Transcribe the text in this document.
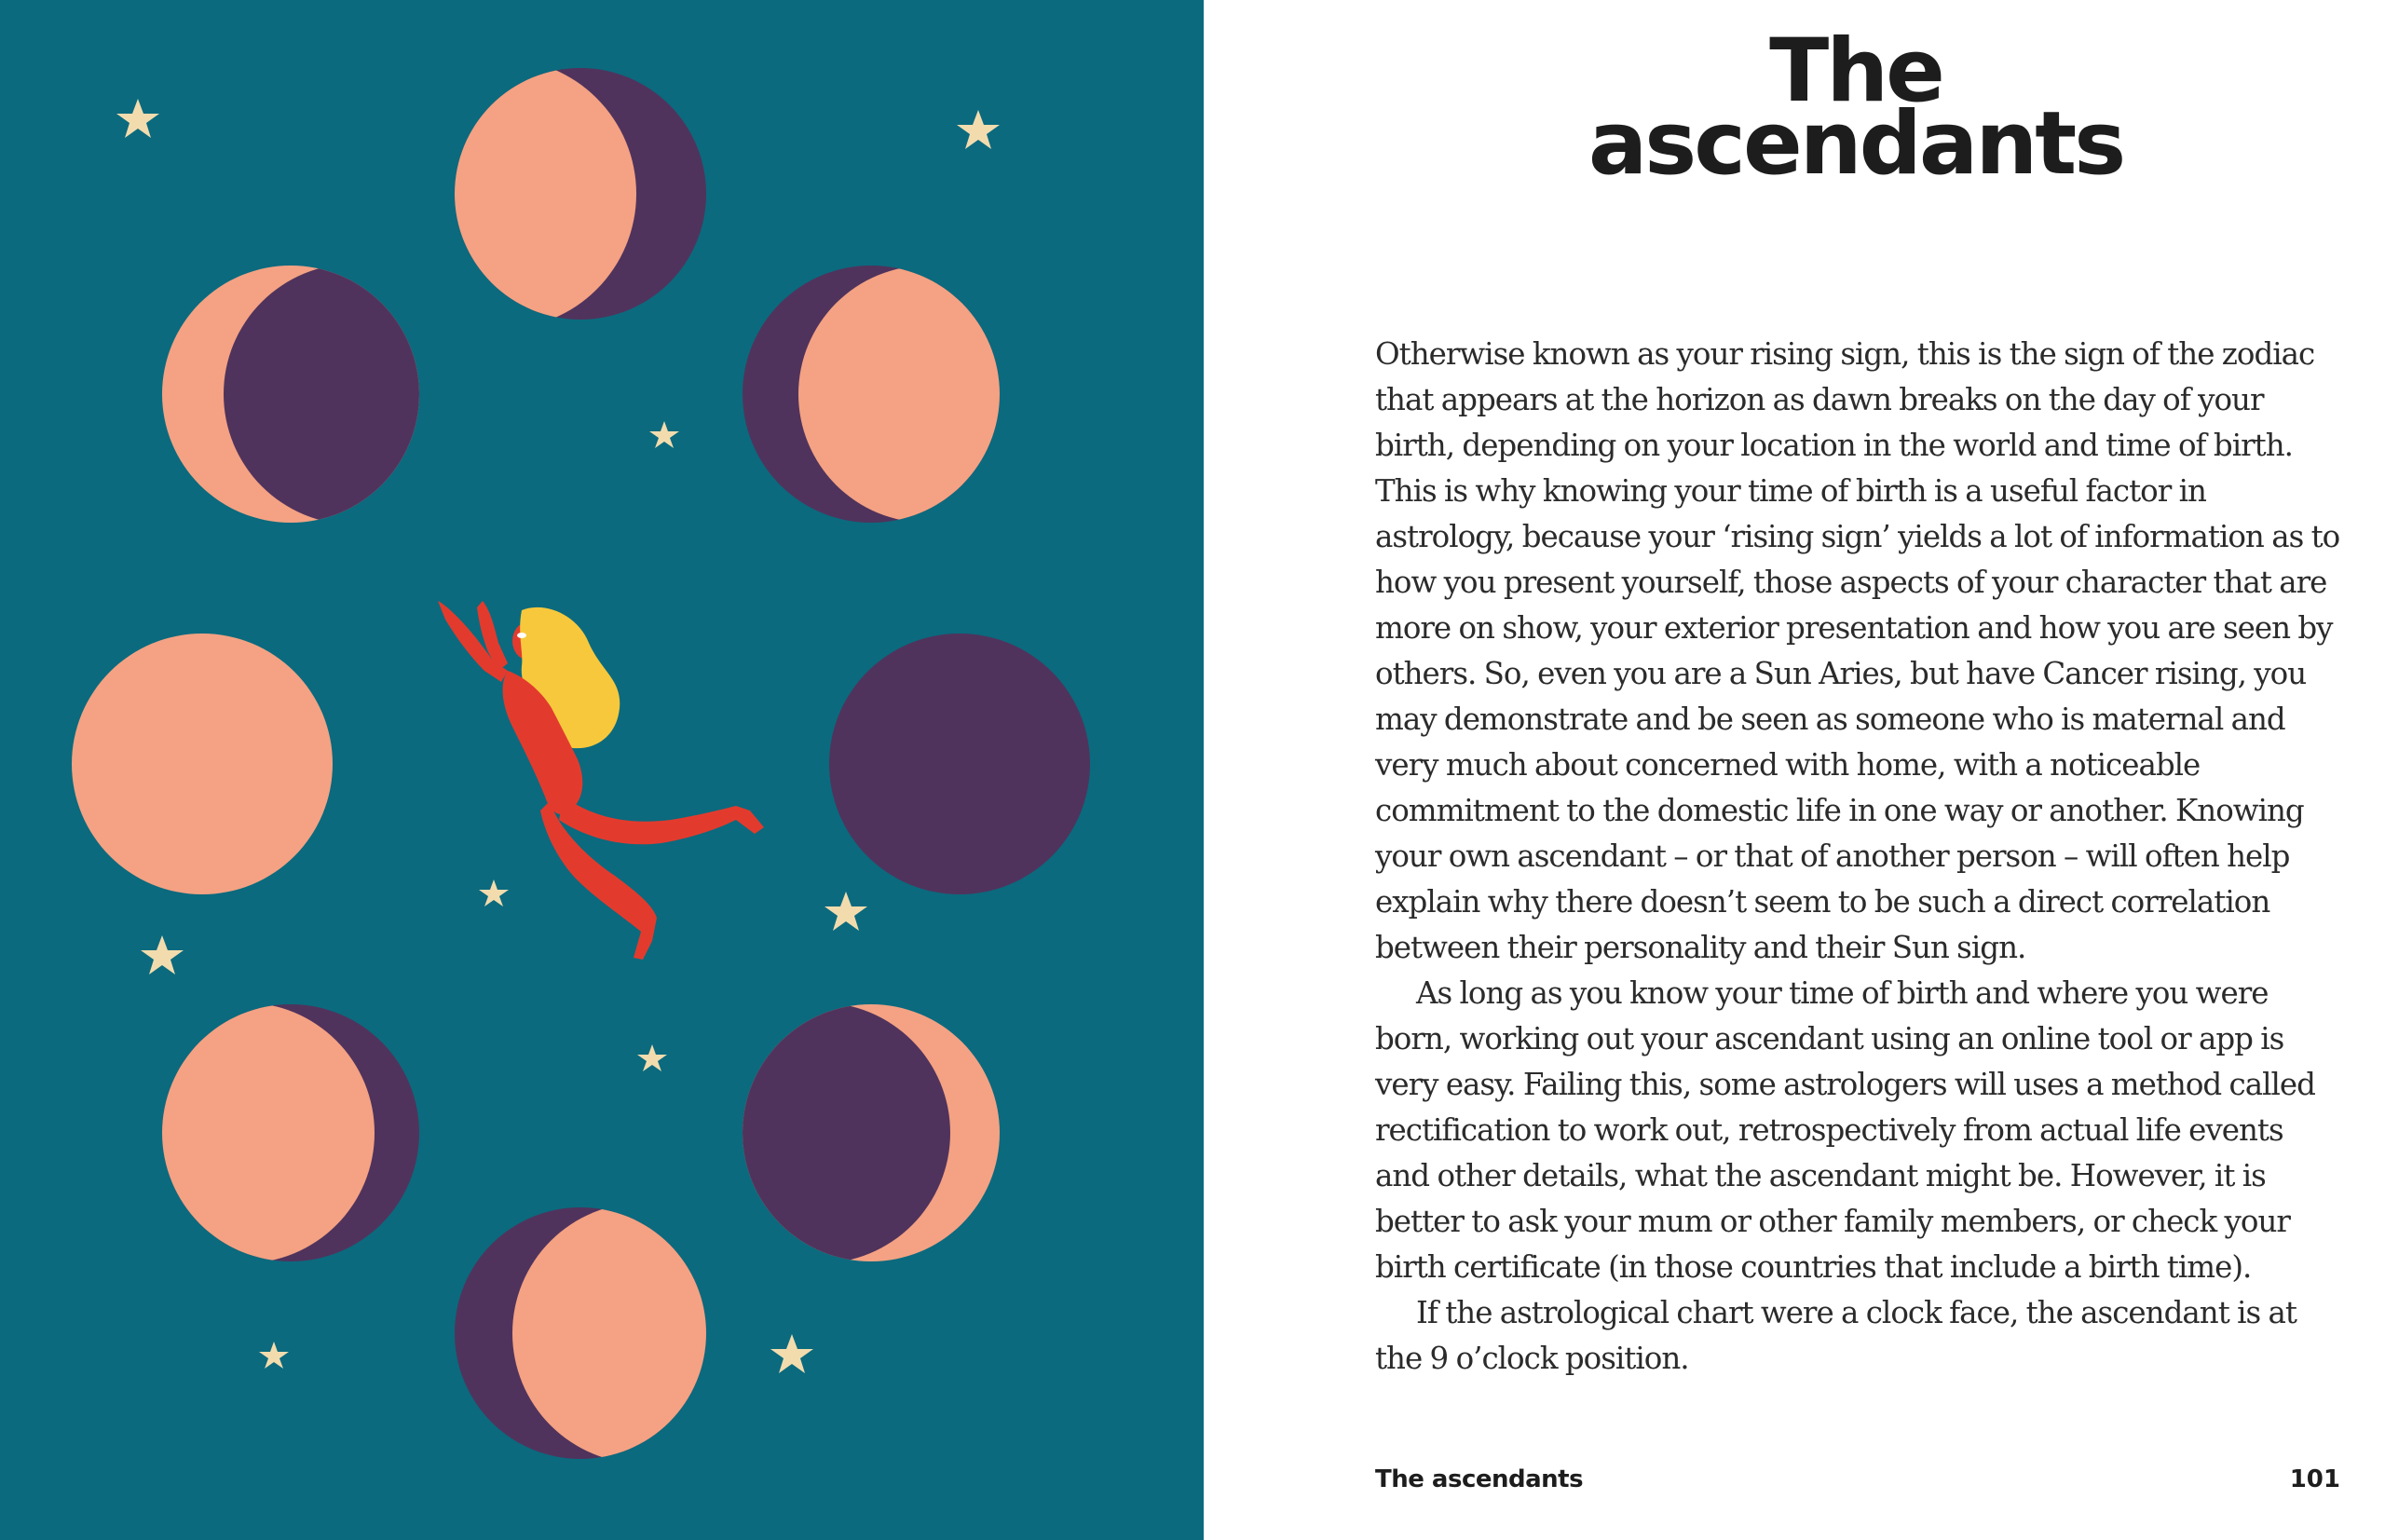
The
ascendants

Otherwise known as your rising sign, this is the sign of the zodiac that appears at the horizon as dawn breaks on the day of your birth, depending on your location in the world and time of birth. This is why knowing your time of birth is a useful factor in astrology, because your ‘rising sign’ yields a lot of information as to how you present yourself, those aspects of your character that are more on show, your exterior presentation and how you are seen by others. So, even you are a Sun Aries, but have Cancer rising, you may demonstrate and be seen as someone who is maternal and very much about concerned with home, with a noticeable commitment to the domestic life in one way or another. Knowing your own ascendant – or that of another person – will often help explain why there doesn’t seem to be such a direct correlation between their personality and their Sun sign.

As long as you know your time of birth and where you were born, working out your ascendant using an online tool or app is very easy. Failing this, some astrologers will uses a method called rectification to work out, retrospectively from actual life events and other details, what the ascendant might be. However, it is better to ask your mum or other family members, or check your birth certificate (in those countries that include a birth time).

If the astrological chart were a clock face, the ascendant is at the 9 o’clock position.

The ascendants	101
